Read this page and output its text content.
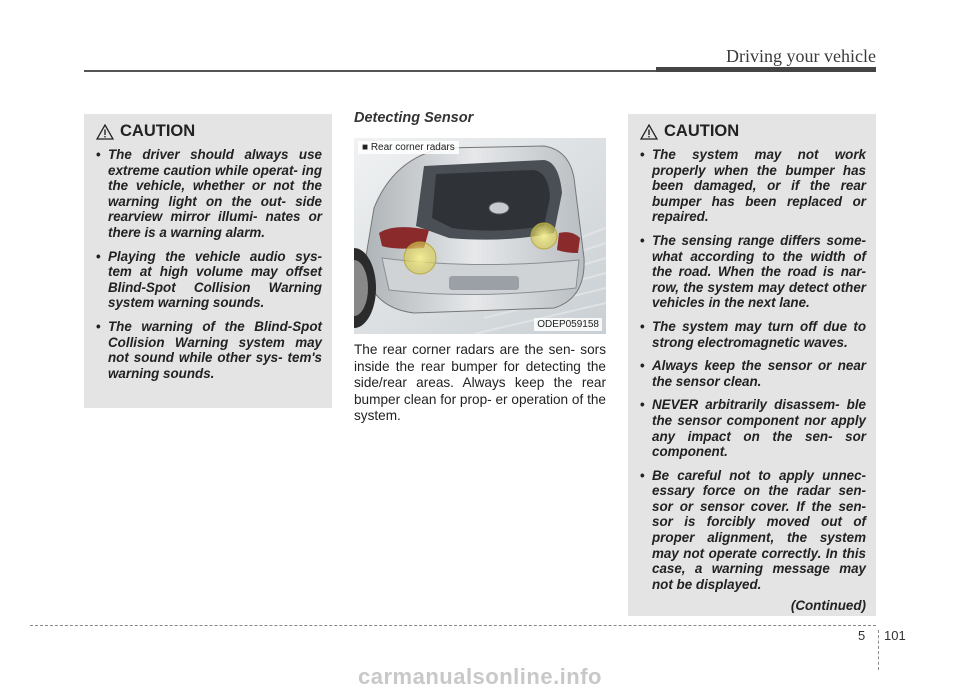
Driving your vehicle
CAUTION
• The driver should always use extreme caution while operat- ing the vehicle, whether or not the warning light on the out- side rearview mirror illumi- nates or there is a warning alarm.
• Playing the vehicle audio sys- tem at high volume may offset Blind-Spot Collision Warning system warning sounds.
• The warning of the Blind-Spot Collision Warning system may not sound while other sys- tem's warning sounds.
Detecting Sensor
■ Rear corner radars
ODEP059158
The rear corner radars are the sen- sors inside the rear bumper for detecting the side/rear areas. Always keep the rear bumper clean for prop- er operation of the system.
CAUTION
• The system may not work properly when the bumper has been damaged, or if the rear bumper has been replaced or repaired.
• The sensing range differs some- what according to the width of the road. When the road is nar- row, the system may detect other vehicles in the next lane.
• The system may turn off due to strong electromagnetic waves.
• Always keep the sensor or near the sensor clean.
• NEVER arbitrarily disassem- ble the sensor component nor apply any impact on the sen- sor component.
• Be careful not to apply unnec- essary force on the radar sen- sor or sensor cover. If the sen- sor is forcibly moved out of proper alignment, the system may not operate correctly. In this case, a warning message may not be displayed.
(Continued)
5 101
carmanualsonline.info
